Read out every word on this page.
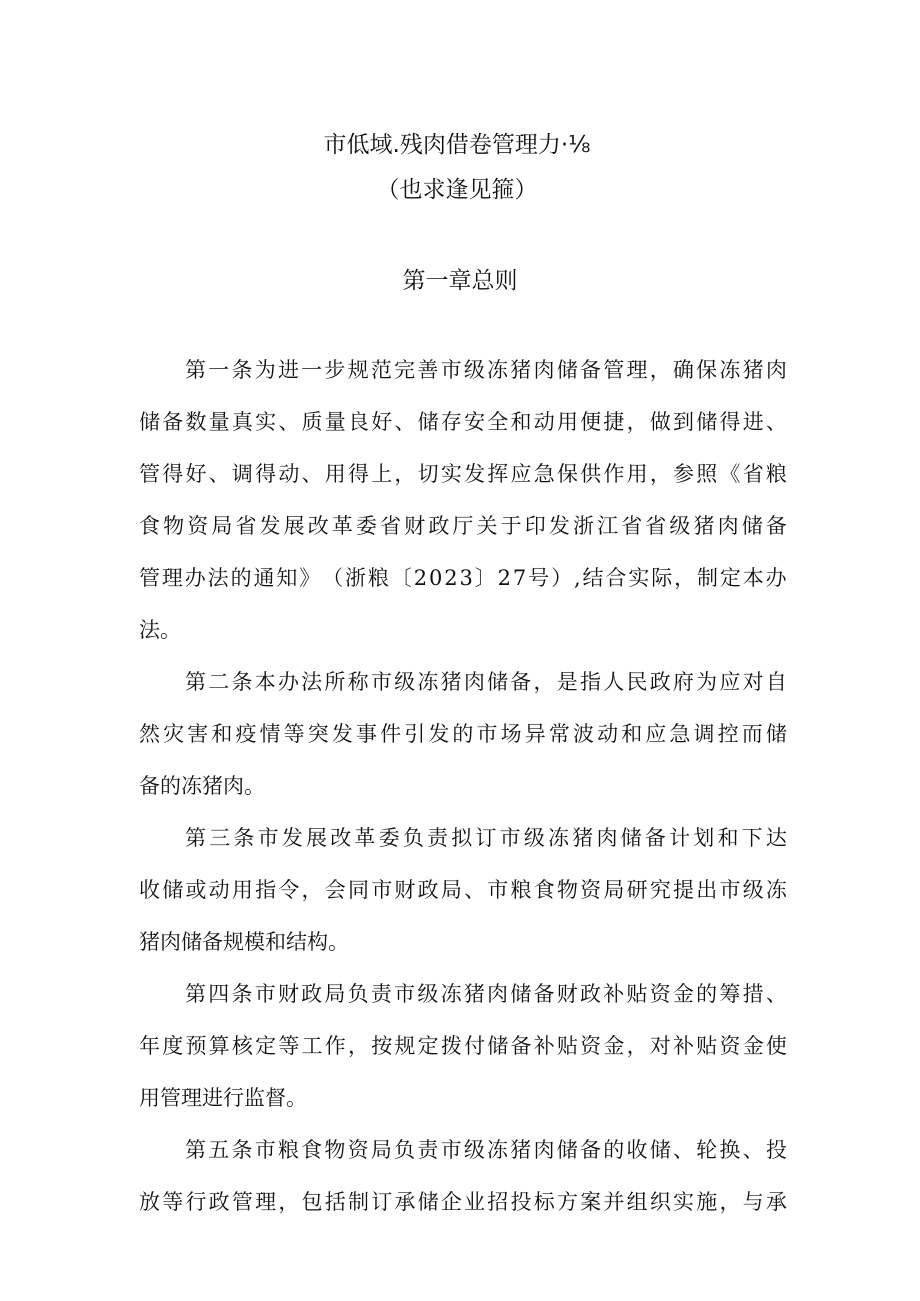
市低域.残肉借卷管理力·⅛
（也求逢见箍）
第一章总则
第 一 条 为 进 一 步 规 范 完 善 市 级 冻 猪 肉 储 备 管 理 ， 确 保 冻 猪 肉
储 备 数 量 真 实 、 质 量 良 好 、 储 存 安 全 和 动 用 便 捷 ， 做 到 储 得 进 、
管 得 好 、 调 得 动 、 用 得 上 ， 切 实 发 挥 应 急 保 供 作 用 ， 参 照 《 省 粮
食 物 资 局 省 发 展 改 革 委 省 财 政 厅 关 于 印 发 浙 江 省 省 级 猪 肉 储 备
管 理 办 法 的 通 知 》 （ 浙 粮 〔 2 0 2 3 〕 2 7 号 ） , 结 合 实 际 ， 制 定 本 办
法。
第 二 条 本 办 法 所 称 市 级 冻 猪 肉 储 备 ， 是 指 人 民 政 府 为 应 对 自
然 灾 害 和 疫 情 等 突 发 事 件 引 发 的 市 场 异 常 波 动 和 应 急 调 控 而 储
备的冻猪肉。
第 三 条 市 发 展 改 革 委 负 责 拟 订 市 级 冻 猪 肉 储 备 计 划 和 下 达
收 储 或 动 用 指 令 ， 会 同 市 财 政 局 、 市 粮 食 物 资 局 研 究 提 出 市 级 冻
猪肉储备规模和结构。
第 四 条 市 财 政 局 负 责 市 级 冻 猪 肉 储 备 财 政 补 贴 资 金 的 筹 措 、
年 度 预 算 核 定 等 工 作 ， 按 规 定 拨 付 储 备 补 贴 资 金 ， 对 补 贴 资 金 使
用管理进行监督。
第 五 条 市 粮 食 物 资 局 负 责 市 级 冻 猪 肉 储 备 的 收 储 、 轮 换 、 投
放 等 行 政 管 理 ， 包 括 制 订 承 储 企 业 招 投 标 方 案 并 组 织 实 施 ， 与 承
